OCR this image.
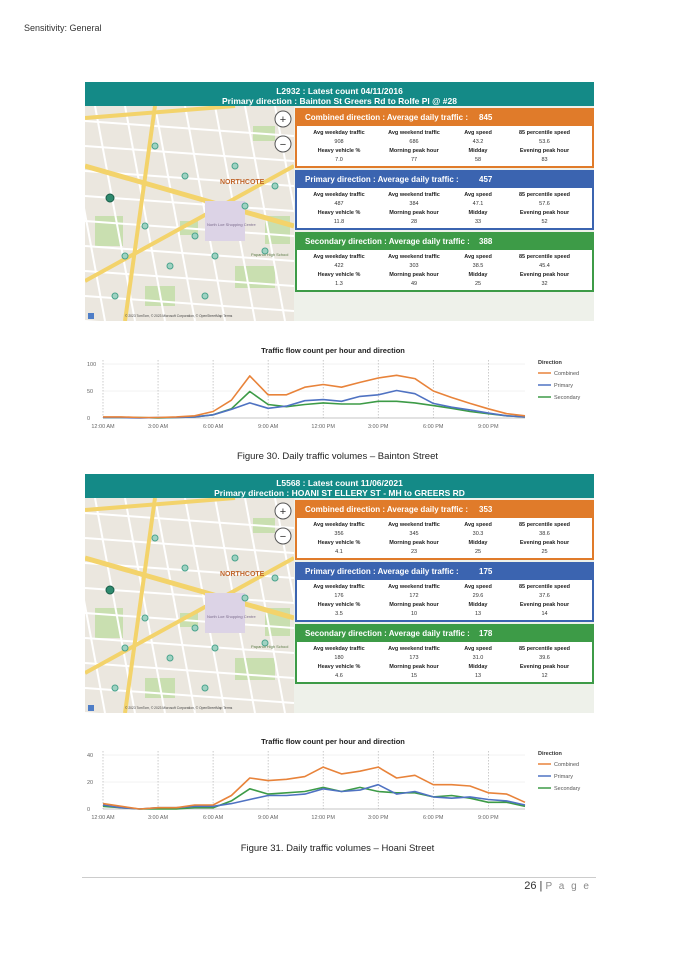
Sensitivity: General
L2932 : Latest count 04/11/2016
Primary direction : Bainton St Greers Rd to Rolfe Pl @ #28
NORTHCOTE
North Loe Shopping Centre
Papanui High School
© 2023 TomTom, © 2023 Microsoft Corporation, © OpenStreetMap Terms
+
−
Combined direction : Average daily traffic : 845
Avg weekday traffic	Avg weekend traffic	Avg speed	85 percentile speed
908	686	43.2	53.6
Heavy vehicle %	Morning peak hour	Midday	Evening peak hour
7.0	77	58	83
Primary direction : Average daily traffic :	457
Avg weekday traffic	Avg weekend traffic	Avg speed	85 percentile speed
487	384	47.1	57.6
Heavy vehicle %	Morning peak hour	Midday	Evening peak hour
11.8	28	33	52
Secondary direction : Average daily traffic : 388
Avg weekday traffic	Avg weekend traffic	Avg speed	85 percentile speed
422	303	38.5	45.4
Heavy vehicle %	Morning peak hour	Midday	Evening peak hour
1.3	49	25	32
Traffic flow count per hour and direction
0
50
100
12:00 AM	3:00 AM	6:00 AM	9:00 AM	12:00 PM	3:00 PM	6:00 PM	9:00 PM
Direction
Combined
Primary
Secondary
Figure 30. Daily traffic volumes – Bainton Street
L5568 : Latest count 11/06/2021
Primary direction : HOANI ST ELLERY ST - MH to GREERS RD
NORTHCOTE
North Loe Shopping Centre
Papanui High School
© 2023 TomTom, © 2023 Microsoft Corporation, © OpenStreetMap Terms
+
−
Combined direction : Average daily traffic : 353
Avg weekday traffic	Avg weekend traffic	Avg speed	85 percentile speed
356	345	30.3	38.6
Heavy vehicle %	Morning peak hour	Midday	Evening peak hour
4.1	23	25	25
Primary direction : Average daily traffic :	175
Avg weekday traffic	Avg weekend traffic	Avg speed	85 percentile speed
176	172	29.6	37.6
Heavy vehicle %	Morning peak hour	Midday	Evening peak hour
3.5	10	13	14
Secondary direction : Average daily traffic : 178
Avg weekday traffic	Avg weekend traffic	Avg speed	85 percentile speed
180	173	31.0	39.6
Heavy vehicle %	Morning peak hour	Midday	Evening peak hour
4.6	15	13	12
Traffic flow count per hour and direction
0
20
40
12:00 AM	3:00 AM	6:00 AM	9:00 AM	12:00 PM	3:00 PM	6:00 PM	9:00 PM
Direction
Combined
Primary
Secondary
Figure 31. Daily traffic volumes – Hoani Street
26 | P a g e
